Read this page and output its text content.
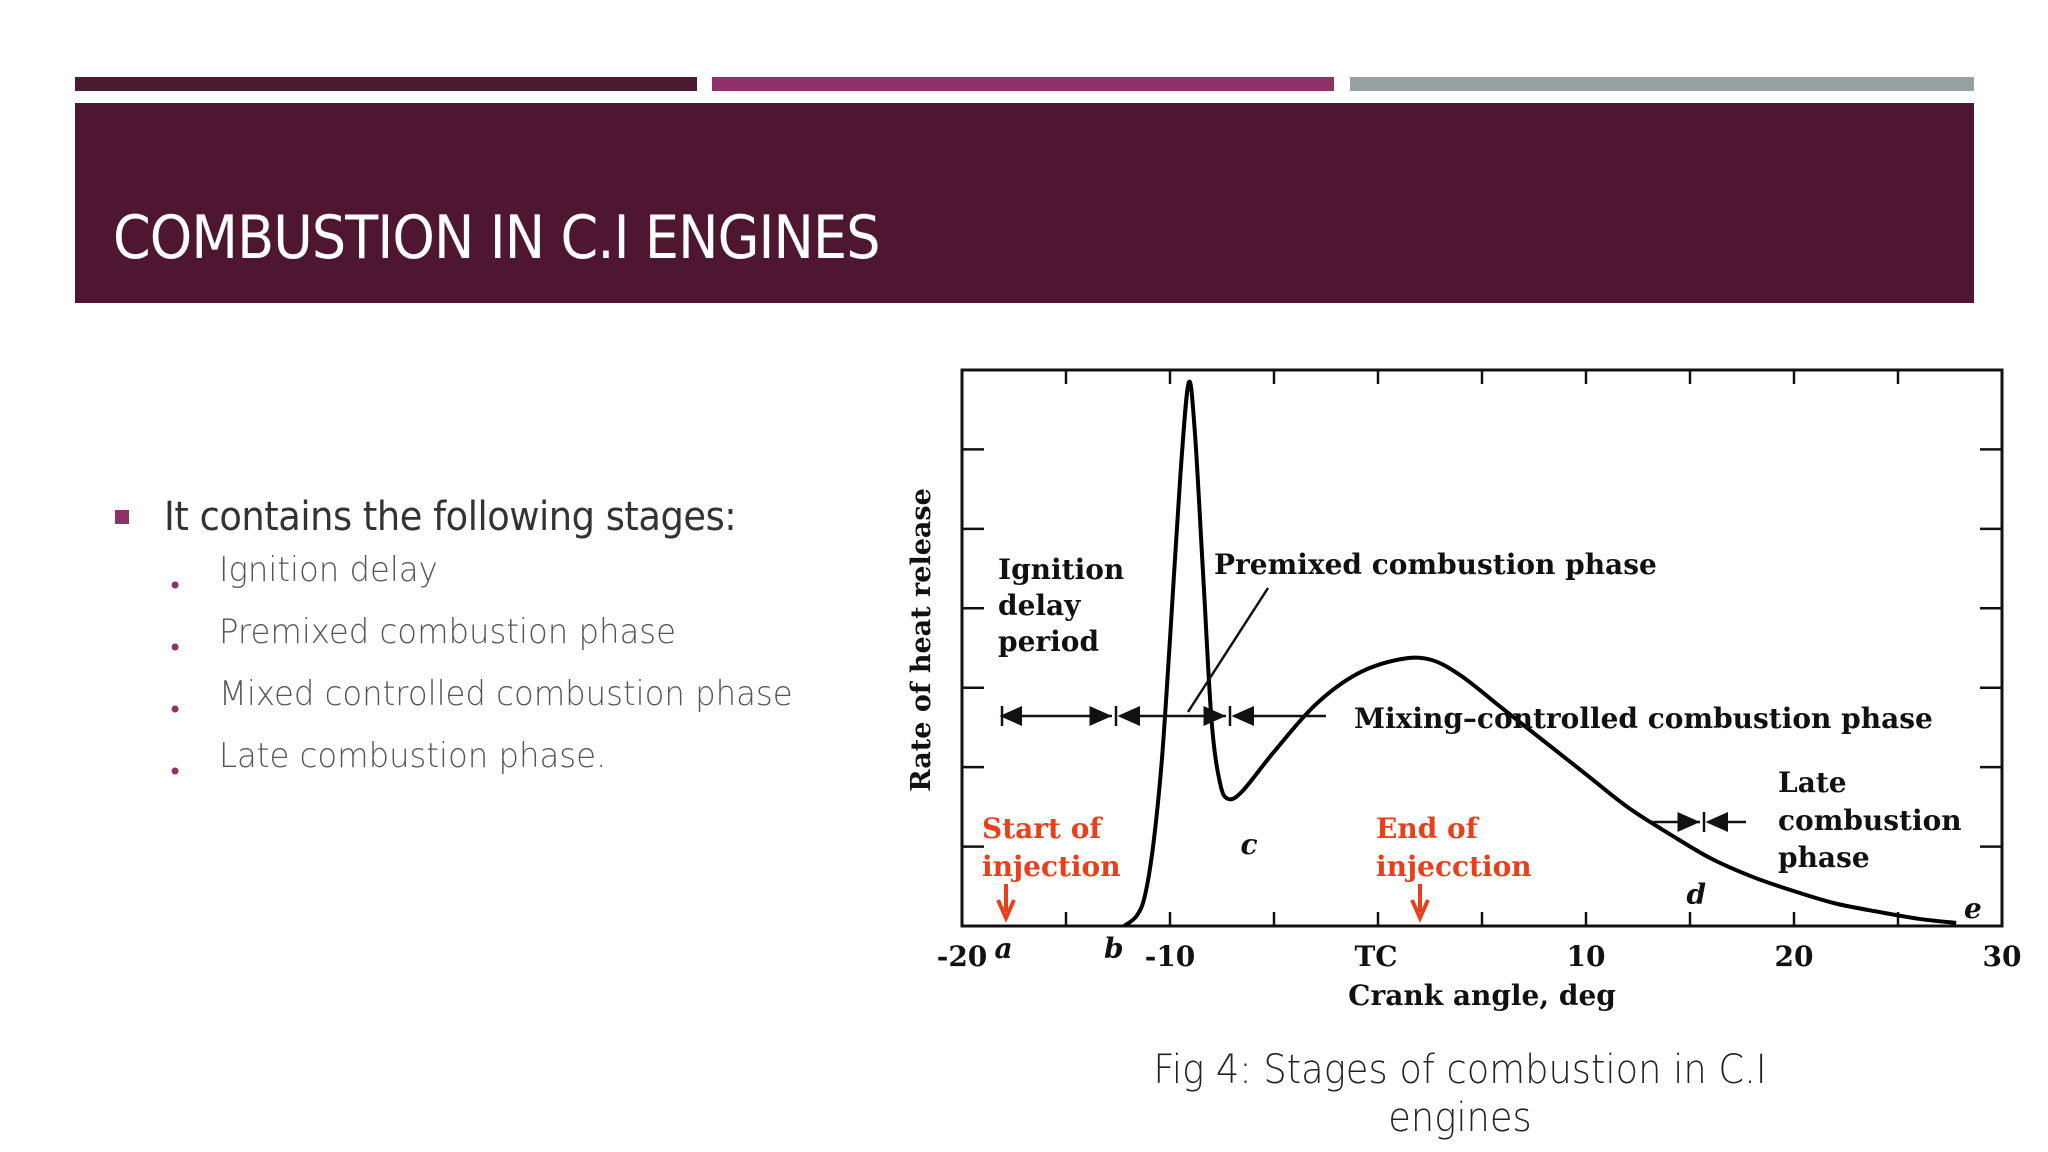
COMBUSTION IN C.I ENGINES
It contains the following stages:
• Ignition delay
• Premixed combustion phase
• Mixed controlled combustion phase
• Late combustion phase.	Rate of heat release
Crank angle, deg
-20	-10	TC	10	20	30
a	b
c
d	e
Ignition delay period
Premixed combustion phase
Mixing–controlled combustion phase
Late combustion phase
Start of injection
End of injecction
Fig 4: Stages of combustion in C.I
engines
